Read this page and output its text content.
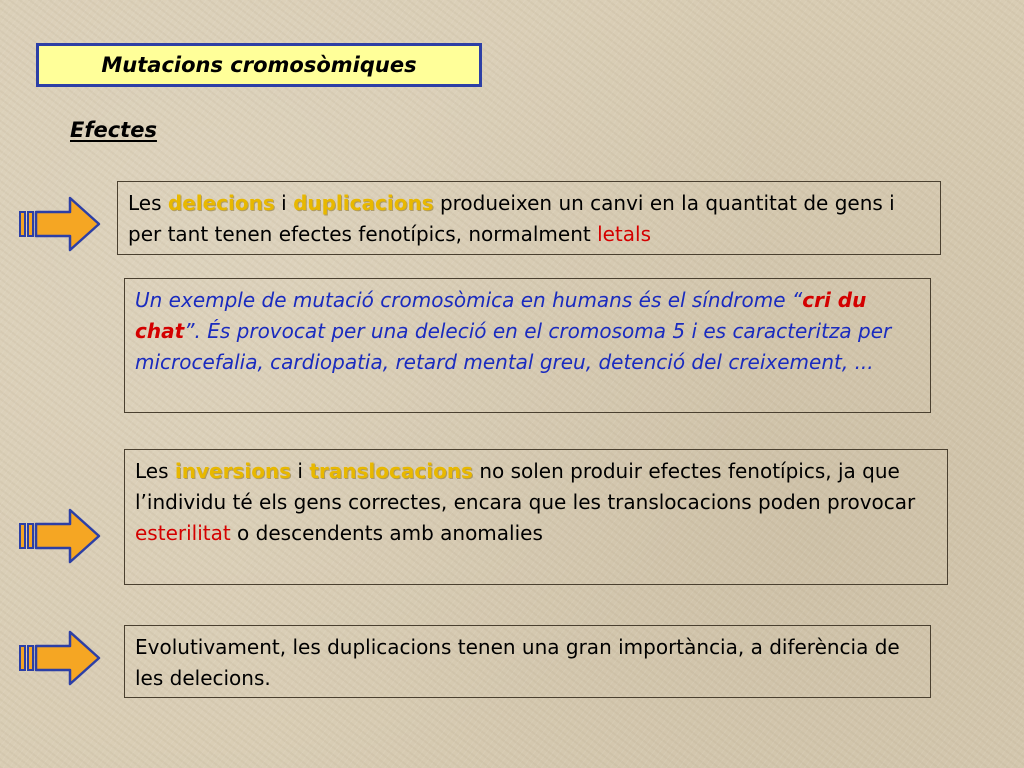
Mutacions cromosòmiques
Efectes
Les delecions i duplicacions produeixen un canvi en la quantitat de gens i per tant tenen efectes fenotípics, normalment letals
Un exemple de mutació cromosòmica en humans és el síndrome “cri du chat”. És provocat per una deleció en el cromosoma 5 i es caracteritza per microcefalia, cardiopatia, retard mental greu, detenció del creixement, ...
Les inversions i translocacions no solen produir efectes fenotípics, ja que l’individu té els gens correctes, encara que les translocacions poden provocar esterilitat o descendents amb anomalies
Evolutivament, les duplicacions tenen una gran importància, a diferència de les delecions.
